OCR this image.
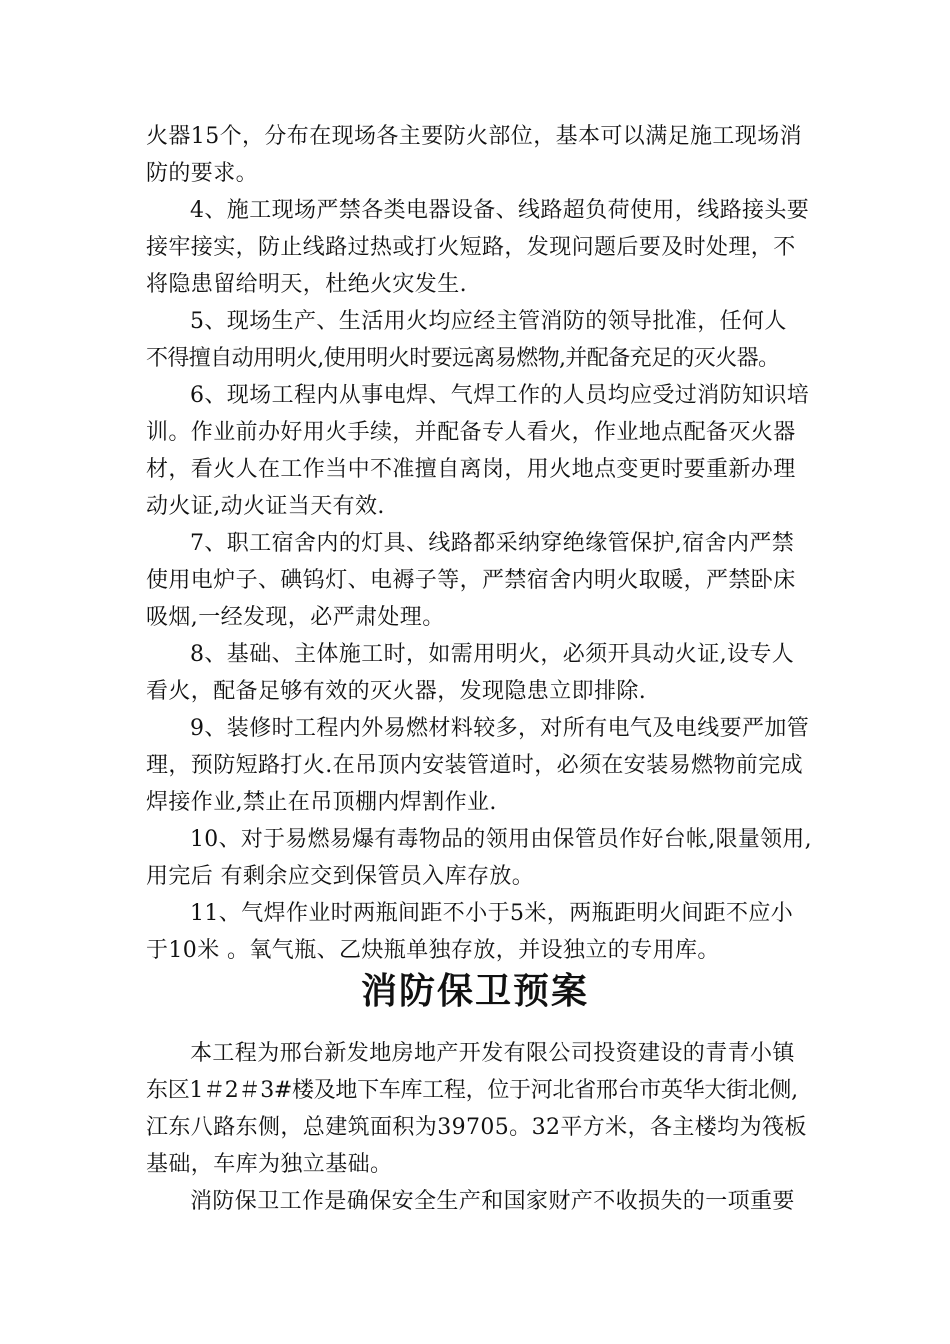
火器15个，分布在现场各主要防火部位，基本可以满足施工现场消
防的要求。
4、施工现场严禁各类电器设备、线路超负荷使用，线路接头要
接牢接实，防止线路过热或打火短路，发现问题后要及时处理，不
将隐患留给明天，杜绝火灾发生.
5、现场生产、生活用火均应经主管消防的领导批准，任何人
不得擅自动用明火,使用明火时要远离易燃物,并配备充足的灭火器。
6、现场工程内从事电焊、气焊工作的人员均应受过消防知识培
训。作业前办好用火手续，并配备专人看火，作业地点配备灭火器
材，看火人在工作当中不准擅自离岗，用火地点变更时要重新办理
动火证,动火证当天有效.
7、职工宿舍内的灯具、线路都采纳穿绝缘管保护,宿舍内严禁
使用电炉子、碘钨灯、电褥子等，严禁宿舍内明火取暖，严禁卧床
吸烟,一经发现，必严肃处理。
8、基础、主体施工时，如需用明火，必须开具动火证,设专人
看火，配备足够有效的灭火器，发现隐患立即排除.
9、装修时工程内外易燃材料较多，对所有电气及电线要严加管
理，预防短路打火.在吊顶内安装管道时，必须在安装易燃物前完成
焊接作业,禁止在吊顶棚内焊割作业.
10、对于易燃易爆有毒物品的领用由保管员作好台帐,限量领用,
用完后 有剩余应交到保管员入库存放。
11、气焊作业时两瓶间距不小于5米，两瓶距明火间距不应小
于10米 。氧气瓶、乙炔瓶单独存放，并设独立的专用库。
消防保卫预案
本工程为邢台新发地房地产开发有限公司投资建设的青青小镇
东区1＃2＃3#楼及地下车库工程，位于河北省邢台市英华大街北侧,
江东八路东侧，总建筑面积为39705。32平方米，各主楼均为筏板
基础，车库为独立基础。
消防保卫工作是确保安全生产和国家财产不收损失的一项重要
